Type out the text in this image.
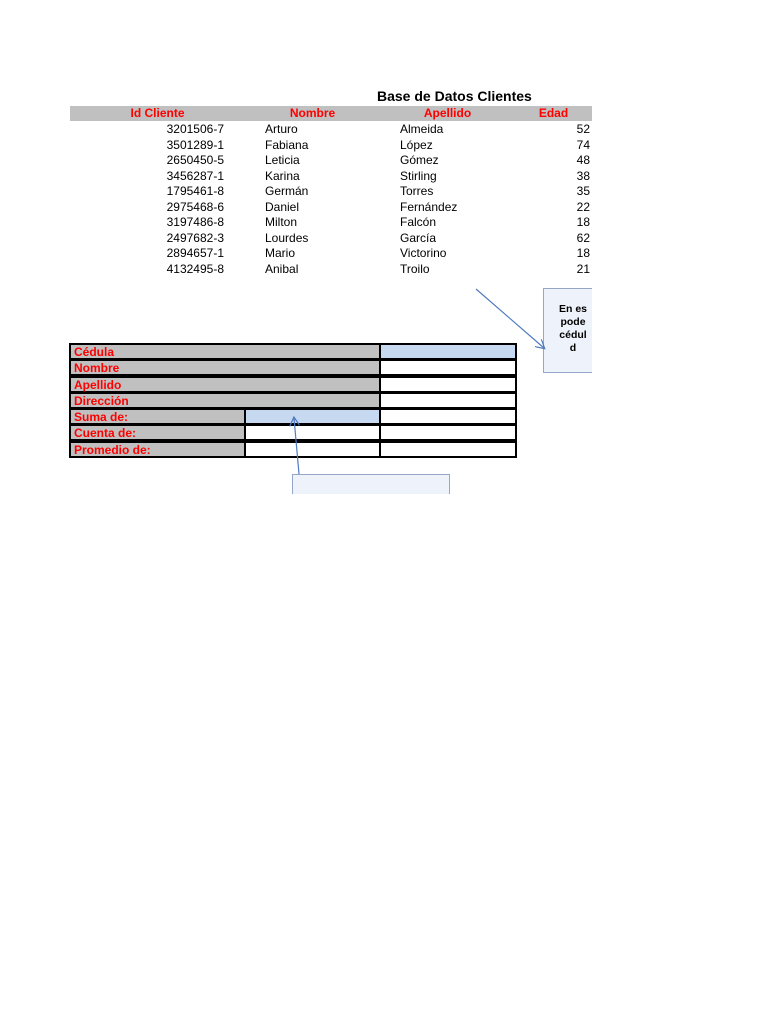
Base de Datos Clientes
Id Cliente	Nombre	Apellido	Edad
3201506-7	Arturo	Almeida	52
3501289-1	Fabiana	López	74
2650450-5	Leticia	Gómez	48
3456287-1	Karina	Stirling	38
1795461-8	Germán	Torres	35
2975468-6	Daniel	Fernández	22
3197486-8	Milton	Falcón	18
2497682-3	Lourdes	García	62
2894657-1	Mario	Victorino	18
4132495-8	Anibal	Troilo	21
Cédula
Nombre
Apellido
Dirección
Suma de:
Cuenta de:
Promedio de:
En es
pode
cédul
d
